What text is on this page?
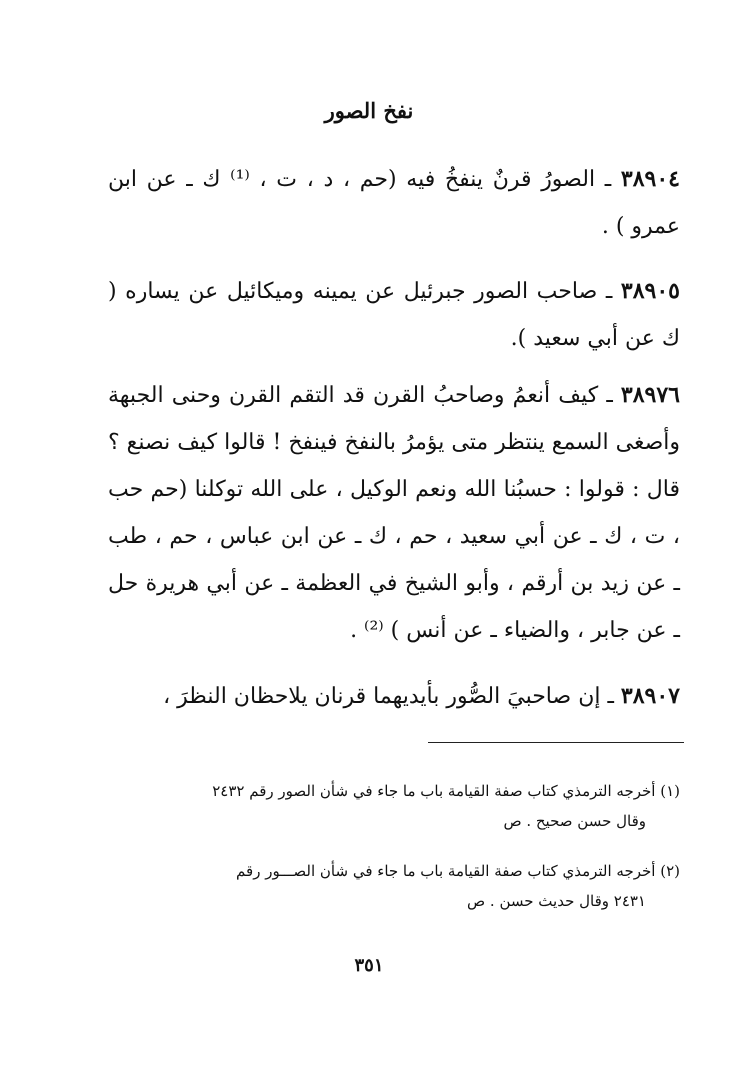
نفخ الصور
٣٨٩٠٤ ـ الصورُ قرنٌ ينفخُ فيه (حم ، د ، ت ، ⁽¹⁾ ك ـ عن ابن عمرو ) .
٣٨٩٠٥ ـ صاحب الصور جبرئيل عن يمينه وميكائيل عن يساره ( ك عن أبي سعيد ).
٣٨٩٧٦ ـ كيف أنعمُ وصاحبُ القرن قد التقم القرن وحنى الجبهة وأصغى السمع ينتظر متى يؤمرُ بالنفخ فينفخ ! قالوا كيف نصنع ؟ قال : قولوا : حسبُنا الله ونعم الوكيل ، على الله توكلنا (حم حب ، ت ، ك ـ عن أبي سعيد ، حم ، ك ـ عن ابن عباس ، حم ، طب ـ عن زيد بن أرقم ، وأبو الشيخ في العظمة ـ عن أبي هريرة حل ـ عن جابر ، والضياء ـ عن أنس ) ⁽²⁾ .
٣٨٩٠٧ ـ إن صاحبيَ الصُّور بأيديهما قرنان يلاحظان النظرَ ،
(١) أخرجه الترمذي كتاب صفة القيامة باب ما جاء في شأن الصور رقم ٢٤٣٢
وقال حسن صحيح . ص
(٢) أخرجه الترمذي كتاب صفة القيامة باب ما جاء في شأن الصـــور رقم
٢٤٣١ وقال حديث حسن . ص
٣٥١
